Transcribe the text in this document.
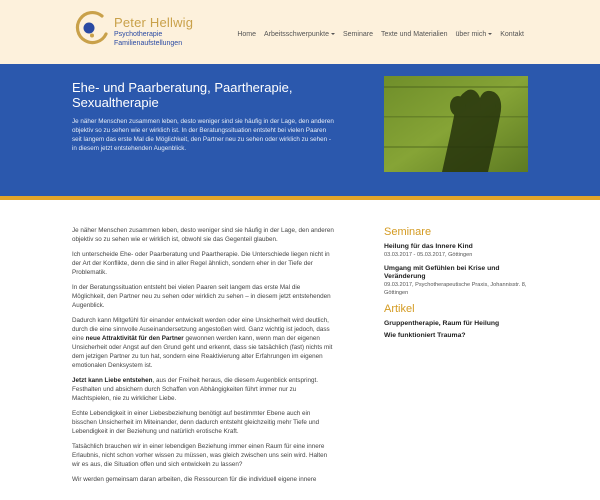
Peter Hellwig
Psychotherapie
Familienaufstellungen
Home	Arbeitsschwerpunkte	Seminare	Texte und Materialien	über mich	Kontakt
Ehe- und Paarberatung, Paartherapie, Sexualtherapie
Je näher Menschen zusammen leben, desto weniger sind sie häufig in der Lage, den anderen objektiv so zu sehen wie er wirklich ist. In der Beratungssituation entsteht bei vielen Paaren seit langem das erste Mal die Möglichkeit, den Partner neu zu sehen oder wirklich zu sehen - in diesem jetzt entstehenden Augenblick.

Je näher Menschen zusammen leben, desto weniger sind sie häufig in der Lage, den anderen objektiv so zu sehen wie er wirklich ist, obwohl sie das Gegenteil glauben.

Ich unterscheide Ehe- oder Paarberatung und Paartherapie. Die Unterschiede liegen nicht in der Art der Konflikte, denn die sind in aller Regel ähnlich, sondern eher in der Tiefe der Problematik.

In der Beratungssituation entsteht bei vielen Paaren seit langem das erste Mal die Möglichkeit, den Partner neu zu sehen oder wirklich zu sehen – in diesem jetzt entstehenden Augenblick.

Dadurch kann Mitgefühl für einander entwickelt werden oder eine Unsicherheit wird deutlich, durch die eine sinnvolle Auseinandersetzung angestoßen wird. Ganz wichtig ist jedoch, dass eine neue Attraktivität für den Partner gewonnen werden kann, wenn man der eigenen Unsicherheit oder Angst auf den Grund geht und erkennt, dass sie tatsächlich (fast) nichts mit dem jetzigen Partner zu tun hat, sondern eine Reaktivierung alter Erfahrungen im eigenen emotionalen Denksystem ist.

Jetzt kann Liebe entstehen, aus der Freiheit heraus, die diesem Augenblick entspringt. Festhalten und absichern durch Schaffen von Abhängigkeiten führt immer nur zu Machtspielen, nie zu wirklicher Liebe.

Echte Lebendigkeit in einer Liebesbeziehung benötigt auf bestimmter Ebene auch ein bisschen Unsicherheit im Miteinander, denn dadurch entsteht gleichzeitig mehr Tiefe und Lebendigkeit in der Beziehung und natürlich erotische Kraft.

Tatsächlich brauchen wir in einer lebendigen Beziehung immer einen Raum für eine innere Erlaubnis, nicht schon vorher wissen zu müssen, was gleich zwischen uns sein wird. Halten wir es aus, die Situation offen und sich entwickeln zu lassen?

Wir werden gemeinsam daran arbeiten, die Ressourcen für die individuell eigene innere

Seminare
Heilung für das Innere Kind
03.03.2017 - 05.03.2017, Göttingen
Umgang mit Gefühlen bei Krise und Veränderung
09.03.2017, Psychotherapeutische Praxis, Johannisstr. 8, Göttingen
Artikel
Gruppentherapie, Raum für Heilung
Wie funktioniert Trauma?
